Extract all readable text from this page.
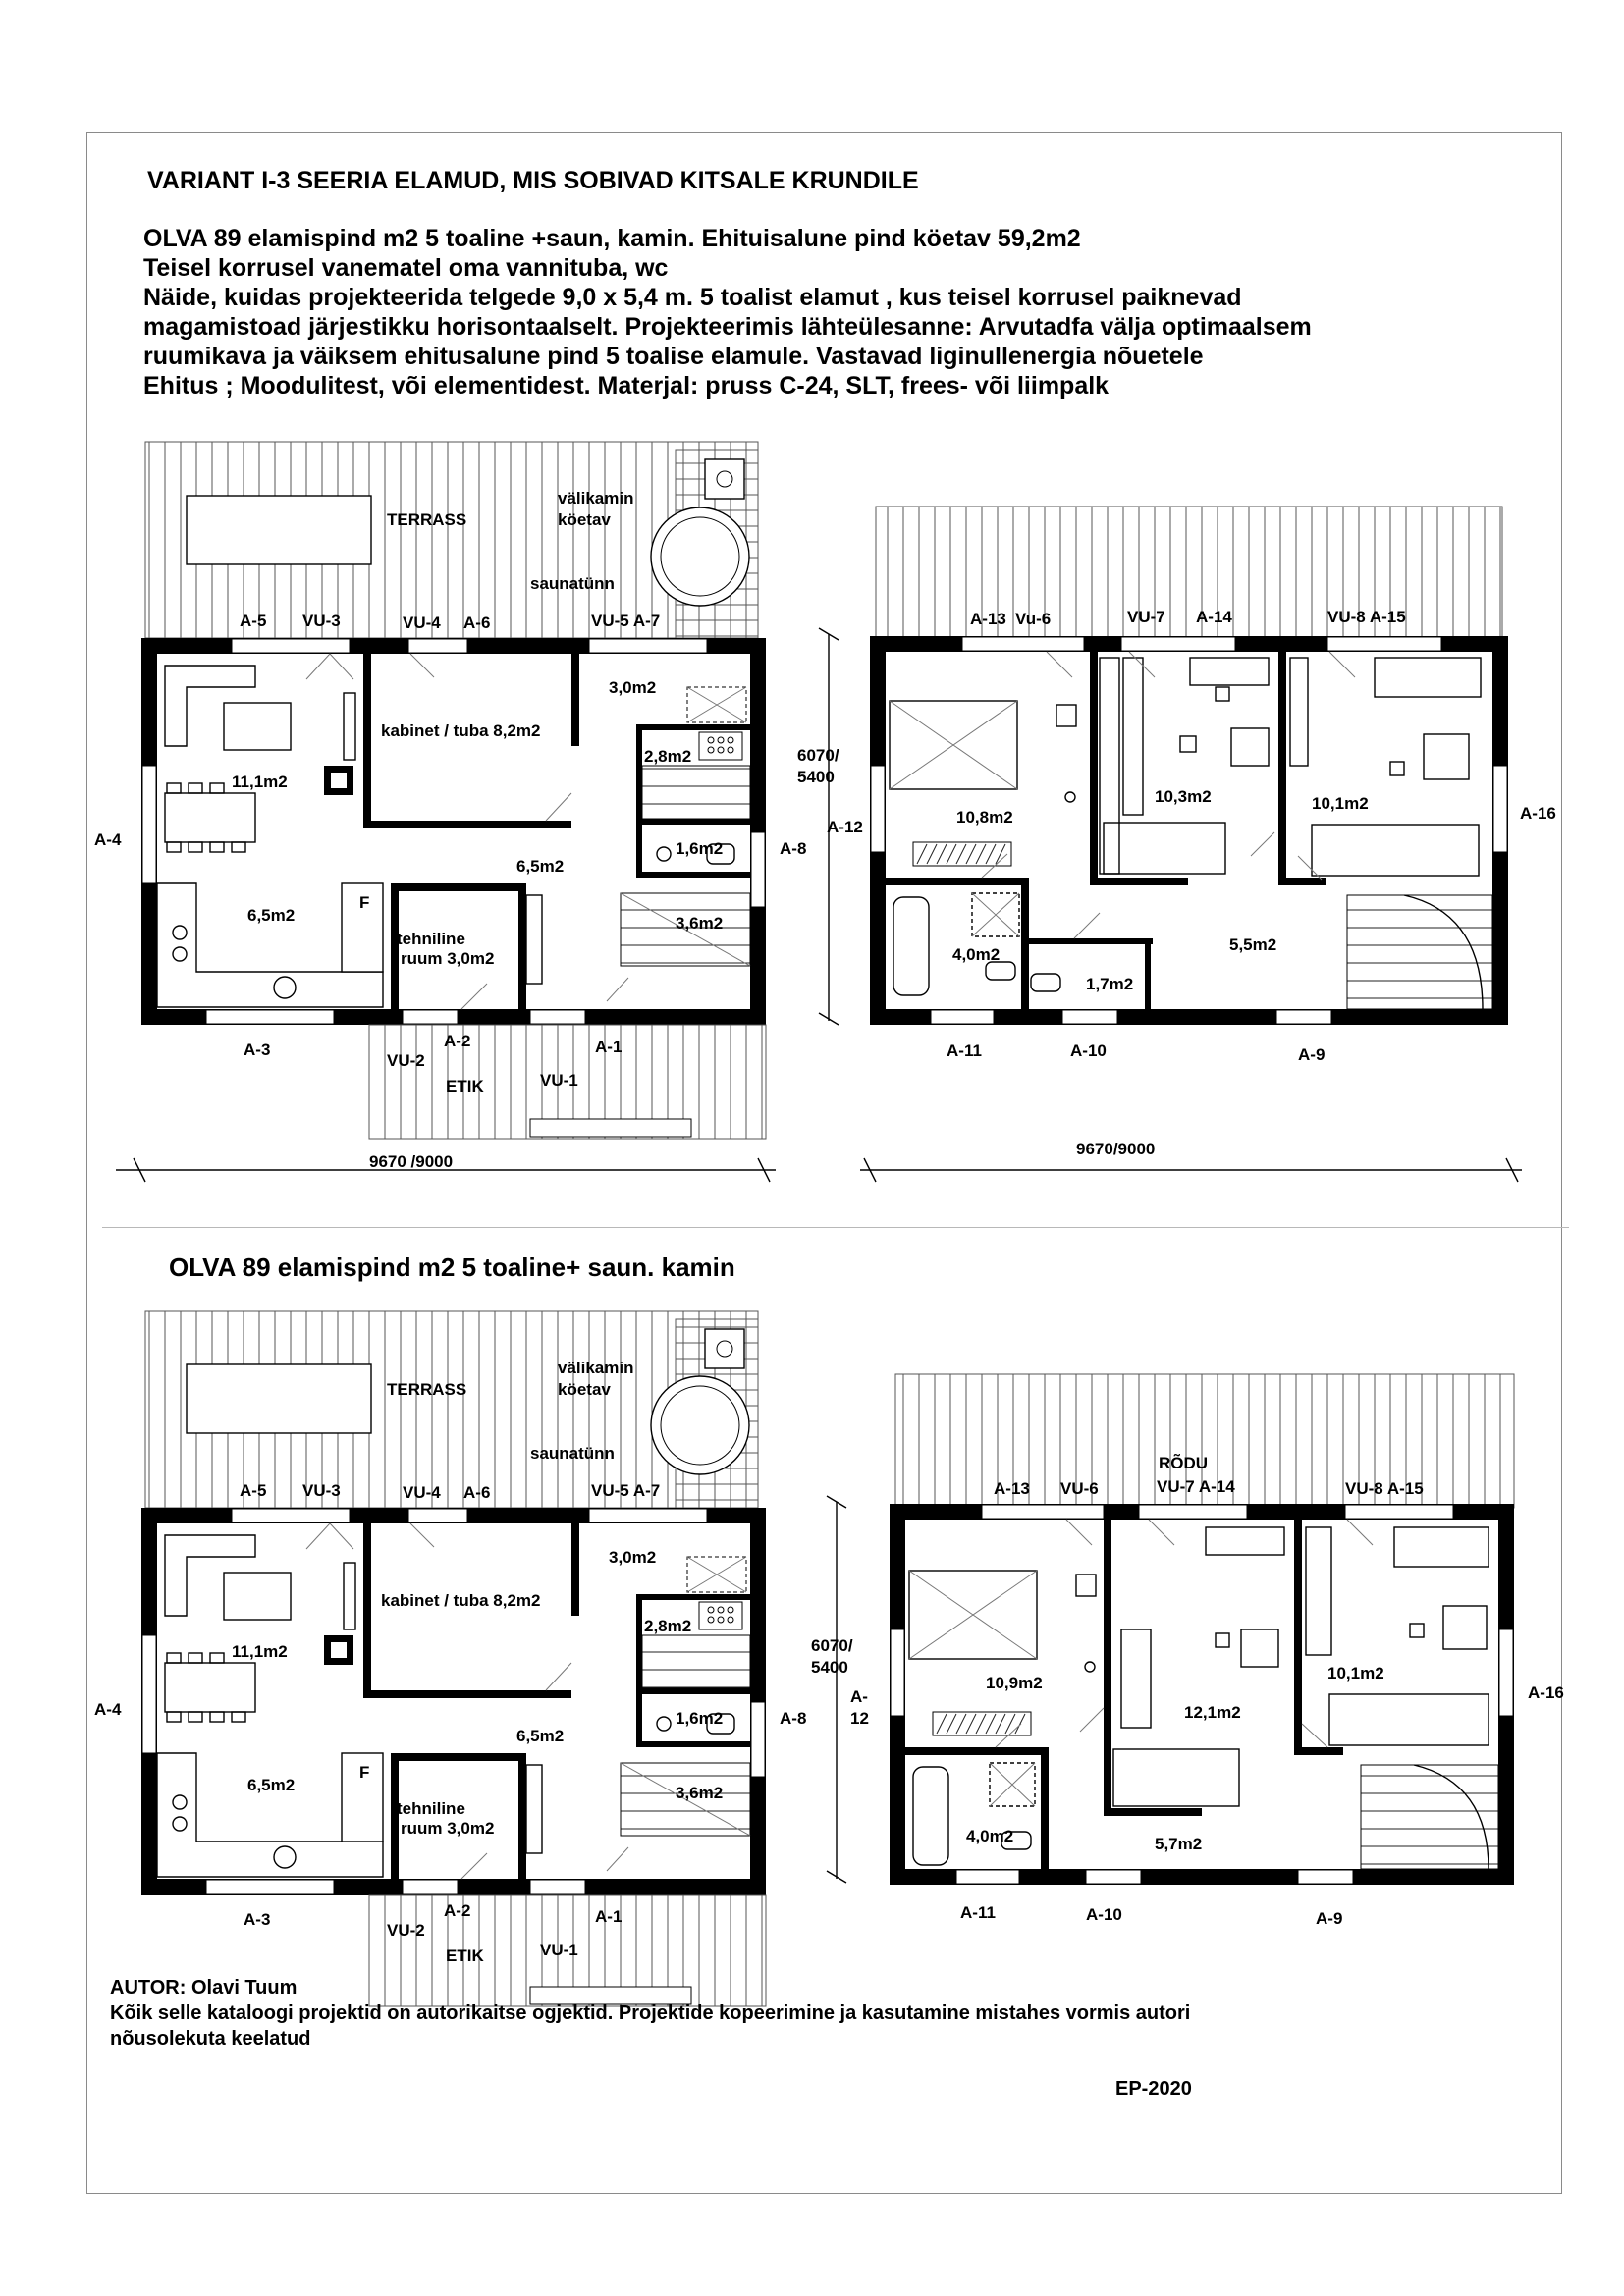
VARIANT I-3 SEERIA ELAMUD, MIS SOBIVAD KITSALE KRUNDILE
OLVA 89 elamispind m2 5 toaline +saun, kamin. Ehituisalune pind köetav 59,2m2
Teisel korrusel vanematel oma vannituba, wc
Näide, kuidas projekteerida telgede 9,0 x 5,4 m. 5 toalist elamut , kus teisel korrusel paiknevad
magamistoad järjestikku horisontaalselt. Projekteerimis lähteülesanne: Arvutadfa välja optimaalsem
ruumikava ja väiksem ehitusalune pind 5 toalise elamule. Vastavad liginullenergia nõuetele
Ehitus ; Moodulitest, või elementidest. Materjal: pruss C-24, SLT, frees- või liimpalk
OLVA 89 elamispind m2 5 toaline+ saun. kamin
TERRASS
välikamin
köetav
saunatünn
A-5 VU-3	VU-4 A-6	VU-5 A-7
kabinet / tuba 8,2m2
3,0m2
2,8m2
11,1m2
A-4	1,6m2	A-8
6,5m2
F
6,5m2	3,6m2
tehniline
ruum 3,0m2
A-3	A-2	A-1
VU-2
VU-1
ETIK
9670 /9000
A-13 Vu-6	VU-7 A-14	VU-8 A-15
6070/
5400
10,3m2	10,1m2
A-16
A-12
10,8m2
4,0m2
5,5m2
1,7m2
A-11	A-10	A-9
9670/9000
TERRASS
välikamin
köetav
saunatünn
A-5 VU-3	VU-4 A-6	VU-5 A-7
kabinet / tuba 8,2m2
3,0m2
2,8m2
11,1m2
A-4	1,6m2	A-8
6,5m2
F
6,5m2	3,6m2
tehniline
ruum 3,0m2
A-3	A-2	A-1
VU-2
VU-1
ETIK
RÕDU
A-13 VU-6	VU-7 A-14	VU-8 A-15
6070/
5400	10,1m2
A-16
A-
12
10,9m2
12,1m2
4,0m2	5,7m2
A-11	A-10	A-9
AUTOR: Olavi Tuum
Kõik selle kataloogi projektid on autorikaitse ogjektid. Projektide kopeerimine ja kasutamine mistahes vormis autori
nõusolekuta keelatud
EP-2020
